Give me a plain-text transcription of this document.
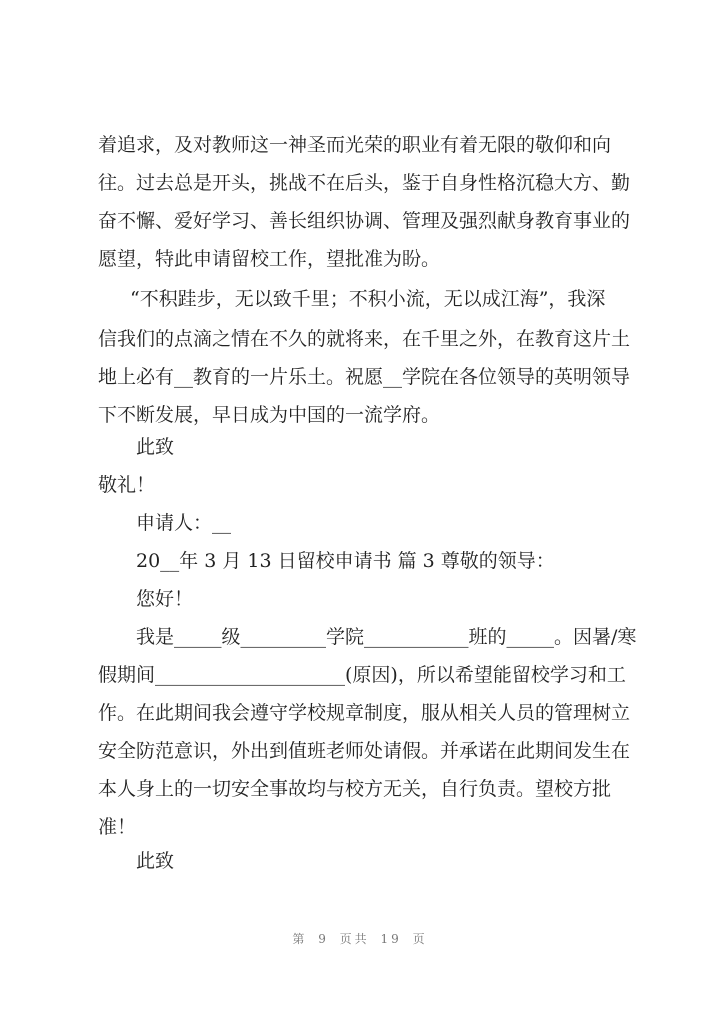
着追求，及对教师这一神圣而光荣的职业有着无限的敬仰和向
往。过去总是开头，挑战不在后头，鉴于自身性格沉稳大方、勤
奋不懈、爱好学习、善长组织协调、管理及强烈献身教育事业的
愿望，特此申请留校工作，望批准为盼。
“不积跬步，无以致千里；不积小流，无以成江海”，我深
信我们的点滴之情在不久的就将来，在千里之外，在教育这片土
地上必有__教育的一片乐土。祝愿__学院在各位领导的英明领导
下不断发展，早日成为中国的一流学府。
此致
敬礼！
申请人：__
20__年 3 月 13 日留校申请书 篇 3 尊敬的领导：
您好！
我是_____级_________学院___________班的_____。因暑/寒
假期间____________________(原因)，所以希望能留校学习和工
作。在此期间我会遵守学校规章制度，服从相关人员的管理树立
安全防范意识，外出到值班老师处请假。并承诺在此期间发生在
本人身上的一切安全事故均与校方无关，自行负责。望校方批
准！
此致
第 9 页共 19 页
